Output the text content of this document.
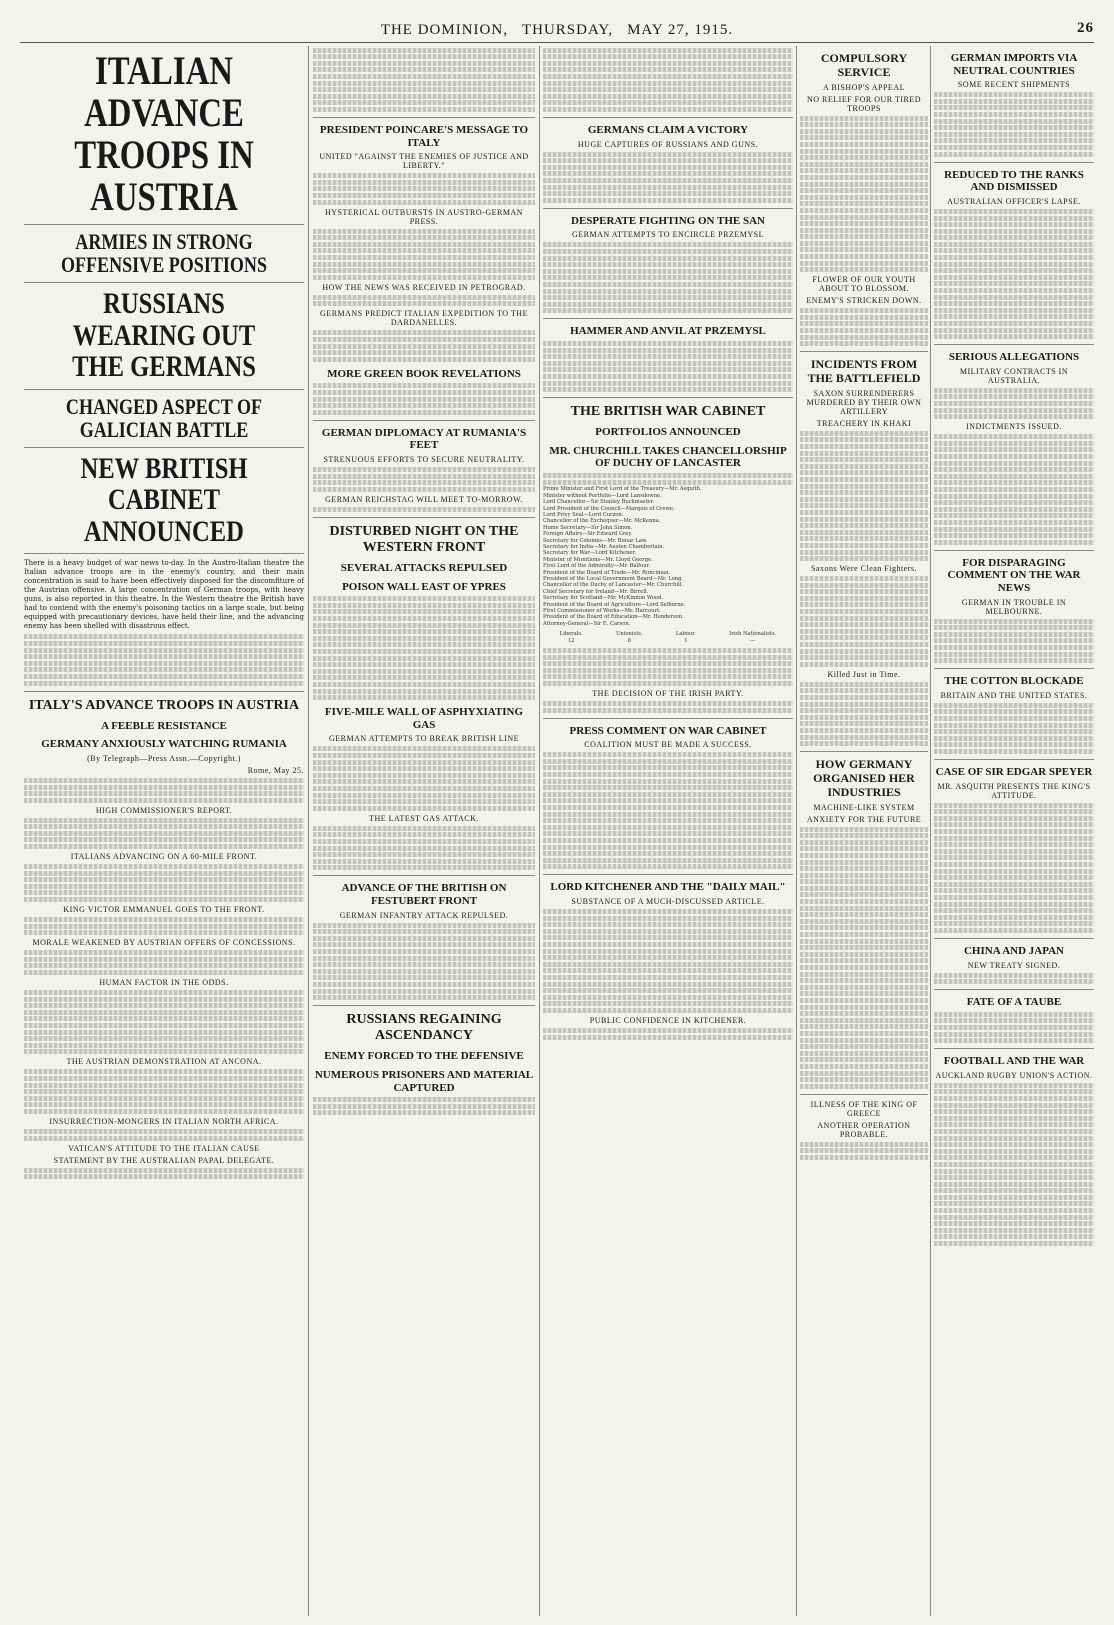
THE DOMINION, THURSDAY, MAY 27, 1915.	26
ITALIAN ADVANCE TROOPS IN AUSTRIA
ARMIES IN STRONG OFFENSIVE POSITIONS
RUSSIANS WEARING OUT THE GERMANS
CHANGED ASPECT OF GALICIAN BATTLE
NEW BRITISH CABINET ANNOUNCED

There is a heavy budget of war news to-day. In the Austro-Italian theatre the Italian advance troops are in the enemy's country, and their main concentration is said to have been effectively disposed for the discomfiture of the Austrian offensive. A large concentration of German troops, with heavy guns, is also reported in this theatre. In the Western theatre the British have had to contend with the enemy's poisoning tactics on a large scale, but being equipped with precautionary devices, have held their line, and the advancing enemy has been shelled with disastrous effect.

ITALY'S ADVANCE TROOPS IN AUSTRIA
A FEEBLE RESISTANCE
GERMANY ANXIOUSLY WATCHING RUMANIA
(By Telegraph—Press Assn.—Copyright.)
Rome, May 25.
HIGH COMMISSIONER'S REPORT.
ITALIANS ADVANCING ON A 60-MILE FRONT.
KING VICTOR EMMANUEL GOES TO THE FRONT.
MORALE WEAKENED BY AUSTRIAN OFFERS OF CONCESSIONS.
HUMAN FACTOR IN THE ODDS.
THE AUSTRIAN DEMONSTRATION AT ANCONA.
INSURRECTION-MONGERS IN ITALIAN NORTH AFRICA.
VATICAN'S ATTITUDE TO THE ITALIAN CAUSE
STATEMENT BY THE AUSTRALIAN PAPAL DELEGATE.
PRESIDENT POINCARE'S MESSAGE TO ITALY
UNITED "AGAINST THE ENEMIES OF JUSTICE AND LIBERTY."
HYSTERICAL OUTBURSTS IN AUSTRO-GERMAN PRESS.
HOW THE NEWS WAS RECEIVED IN PETROGRAD.
GERMANS PREDICT ITALIAN EXPEDITION TO THE DARDANELLES.
MORE GREEN BOOK REVELATIONS
GERMAN DIPLOMACY AT RUMANIA'S FEET
STRENUOUS EFFORTS TO SECURE NEUTRALITY.
GERMAN REICHSTAG WILL MEET TO-MORROW.
DISTURBED NIGHT ON THE WESTERN FRONT
SEVERAL ATTACKS REPULSED
POISON WALL EAST OF YPRES
FIVE-MILE WALL OF ASPHYXIATING GAS
GERMAN ATTEMPTS TO BREAK BRITISH LINE
THE LATEST GAS ATTACK.
ADVANCE OF THE BRITISH ON FESTUBERT FRONT
GERMAN INFANTRY ATTACK REPULSED.
RUSSIANS REGAINING ASCENDANCY
ENEMY FORCED TO THE DEFENSIVE
NUMEROUS PRISONERS AND MATERIAL CAPTURED
GERMANS CLAIM A VICTORY
HUGE CAPTURES OF RUSSIANS AND GUNS.
DESPERATE FIGHTING ON THE SAN
GERMAN ATTEMPTS TO ENCIRCLE PRZEMYSL
HAMMER AND ANVIL AT PRZEMYSL
THE BRITISH WAR CABINET
PORTFOLIOS ANNOUNCED
MR. CHURCHILL TAKES CHANCELLORSHIP OF DUCHY OF LANCASTER
Prime Minister and First Lord of the Treasury—Mr. Asquith.
Minister without Portfolio—Lord Lansdowne.
Lord Chancellor—Sir Stanley Buckmaster.
Lord President of the Council—Marquis of Crewe.
Lord Privy Seal—Lord Curzon.
Chancellor of the Exchequer—Mr. McKenna.
Home Secretary—Sir John Simon.
Foreign Affairs—Sir Edward Grey.
Secretary for Colonies—Mr. Bonar Law.
Secretary for India—Mr. Austen Chamberlain.
Secretary for War—Lord Kitchener.
Minister of Munitions—Mr. Lloyd George.
First Lord of the Admiralty—Mr. Balfour.
President of the Board of Trade—Mr. Runciman.
President of the Local Government Board—Mr. Long.
Chancellor of the Duchy of Lancaster—Mr. Churchill.
Chief Secretary for Ireland—Mr. Birrell.
Secretary for Scotland—Mr. McKinnon Wood.
President of the Board of Agriculture—Lord Selborne.
First Commissioner of Works—Mr. Harcourt.
President of the Board of Education—Mr. Henderson.
Attorney-General—Sir E. Carson.
Liberals.
12
Unionists.
8
Labour.
1
Irish Nationalists.
—
THE DECISION OF THE IRISH PARTY.
PRESS COMMENT ON WAR CABINET
COALITION MUST BE MADE A SUCCESS.
LORD KITCHENER AND THE "DAILY MAIL"
SUBSTANCE OF A MUCH-DISCUSSED ARTICLE.
PUBLIC CONFIDENCE IN KITCHENER.
COMPULSORY SERVICE
A BISHOP'S APPEAL
NO RELIEF FOR OUR TIRED TROOPS
FLOWER OF OUR YOUTH ABOUT TO BLOSSOM.
ENEMY'S STRICKEN DOWN.
INCIDENTS FROM THE BATTLEFIELD
SAXON SURRENDERERS MURDERED BY THEIR OWN ARTILLERY
TREACHERY IN KHAKI
Saxons Were Clean Fighters.
Killed Just in Time.
HOW GERMANY ORGANISED HER INDUSTRIES
MACHINE-LIKE SYSTEM
ANXIETY FOR THE FUTURE
ILLNESS OF THE KING OF GREECE
ANOTHER OPERATION PROBABLE.
GERMAN IMPORTS VIA NEUTRAL COUNTRIES
SOME RECENT SHIPMENTS
REDUCED TO THE RANKS AND DISMISSED
AUSTRALIAN OFFICER'S LAPSE.
SERIOUS ALLEGATIONS
MILITARY CONTRACTS IN AUSTRALIA.
INDICTMENTS ISSUED.
FOR DISPARAGING COMMENT ON THE WAR NEWS
GERMAN IN TROUBLE IN MELBOURNE.
THE COTTON BLOCKADE
BRITAIN AND THE UNITED STATES.
CASE OF SIR EDGAR SPEYER
MR. ASQUITH PRESENTS THE KING'S ATTITUDE.
CHINA AND JAPAN
NEW TREATY SIGNED.
FATE OF A TAUBE
FOOTBALL AND THE WAR
AUCKLAND RUGBY UNION'S ACTION.
